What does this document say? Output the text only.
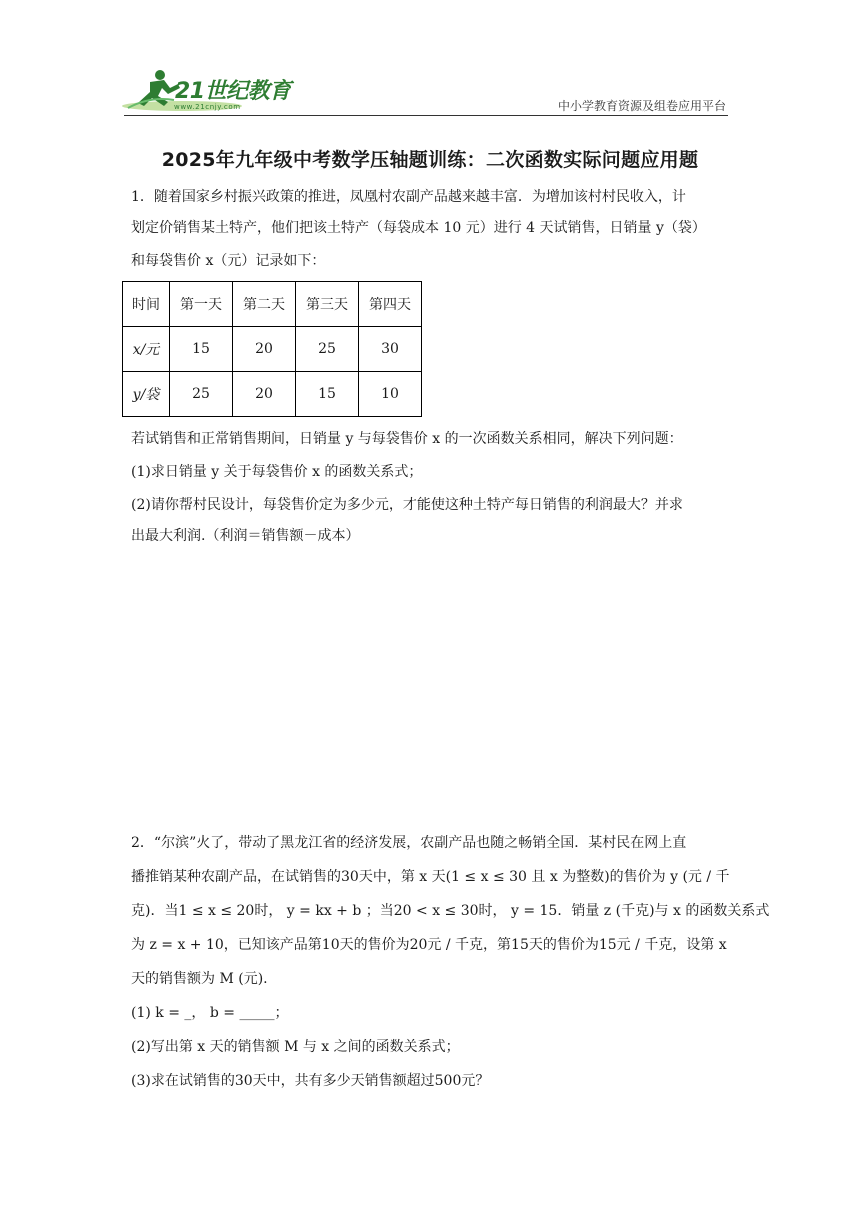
21世纪教育
www.21cnjy.com	中小学教育资源及组卷应用平台
2025年九年级中考数学压轴题训练：二次函数实际问题应用题
1．随着国家乡村振兴政策的推进，凤凰村农副产品越来越丰富．为增加该村村民收入，计
划定价销售某土特产，他们把该土特产（每袋成本 10 元）进行 4 天试销售，日销量 y（袋）
和每袋售价 x（元）记录如下：
时间	第一天	第二天	第三天	第四天
x/元	15	20	25	30
y/袋	25	20	15	10
若试销售和正常销售期间，日销量 y 与每袋售价 x 的一次函数关系相同，解决下列问题：
(1)求日销量 y 关于每袋售价 x 的函数关系式；
(2)请你帮村民设计，每袋售价定为多少元，才能使这种土特产每日销售的利润最大？并求
出最大利润.（利润＝销售额－成本）
2．“尔滨”火了，带动了黑龙江省的经济发展，农副产品也随之畅销全国．某村民在网上直
播推销某种农副产品，在试销售的30天中，第 x 天(1 ≤ x ≤ 30 且 x 为整数)的售价为 y (元 / 千
克)．当1 ≤ x ≤ 20时， y = kx + b ；当20 < x ≤ 30时， y = 15．销量 z (千克)与 x 的函数关系式
为 z = x + 10，已知该产品第10天的售价为20元 / 千克，第15天的售价为15元 / 千克，设第 x
天的销售额为 M (元).
(1) k = _， b = _____；
(2)写出第 x 天的销售额 M 与 x 之间的函数关系式；
(3)求在试销售的30天中，共有多少天销售额超过500元？
